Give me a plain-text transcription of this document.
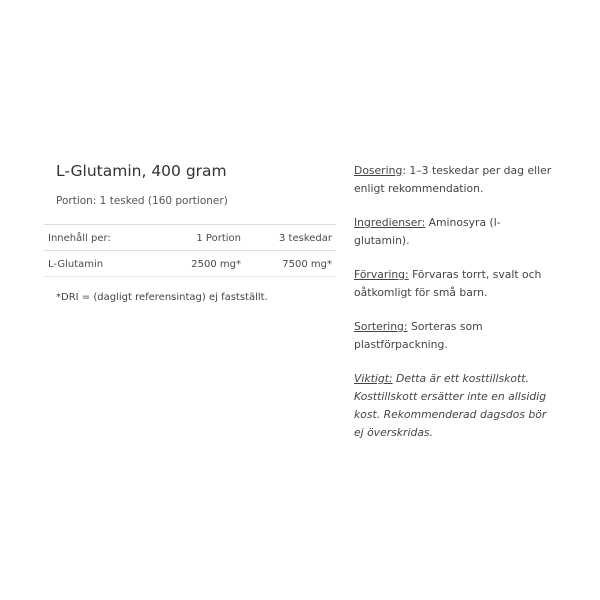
L-Glutamin, 400 gram
Portion: 1 tesked (160 portioner)
Innehåll per:	1 Portion	3 teskedar
L-Glutamin	2500 mg*	7500 mg*
*DRI = (dagligt referensintag) ej fastställt.

Dosering: 1–3 teskedar per dag eller enligt rekommendation.

Ingredienser: Aminosyra (l-glutamin).

Förvaring: Förvaras torrt, svalt och oåtkomligt för små barn.

Sortering: Sorteras som plastförpackning.

Viktigt: Detta är ett kosttillskott. Kosttillskott ersätter inte en allsidig kost. Rekommenderad dagsdos bör ej överskridas.
